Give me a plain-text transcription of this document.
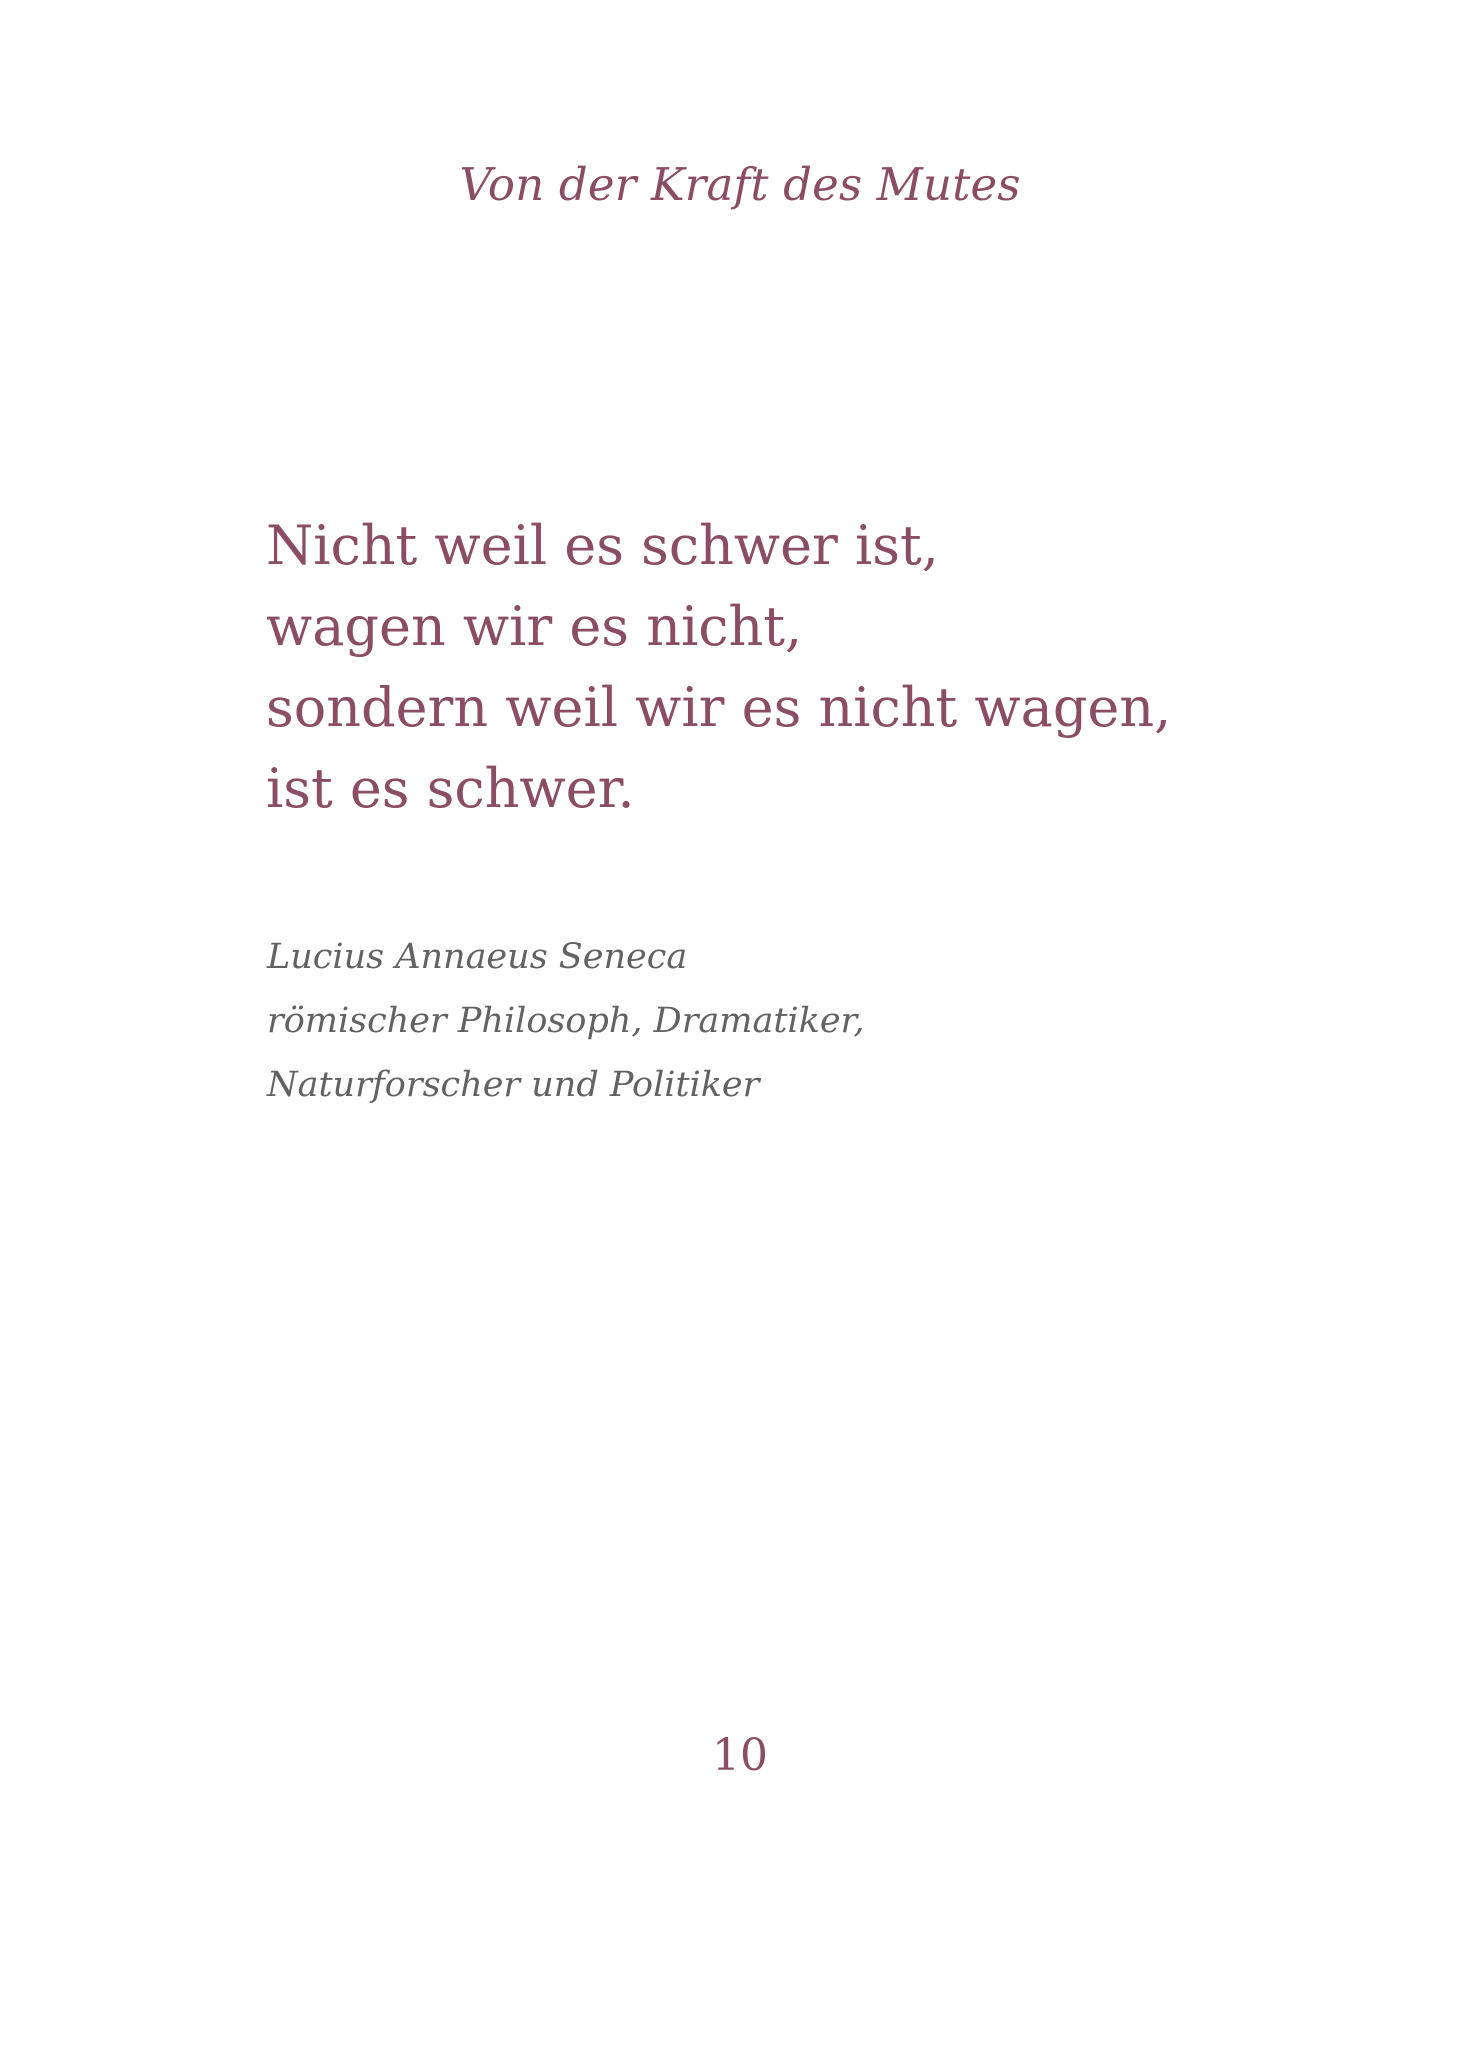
Von der Kraft des Mutes

Nicht weil es schwer ist,
wagen wir es nicht,
sondern weil wir es nicht wagen,
ist es schwer.
Lucius Annaeus Seneca
römischer Philosoph, Dramatiker,
Naturforscher und Politiker

10
